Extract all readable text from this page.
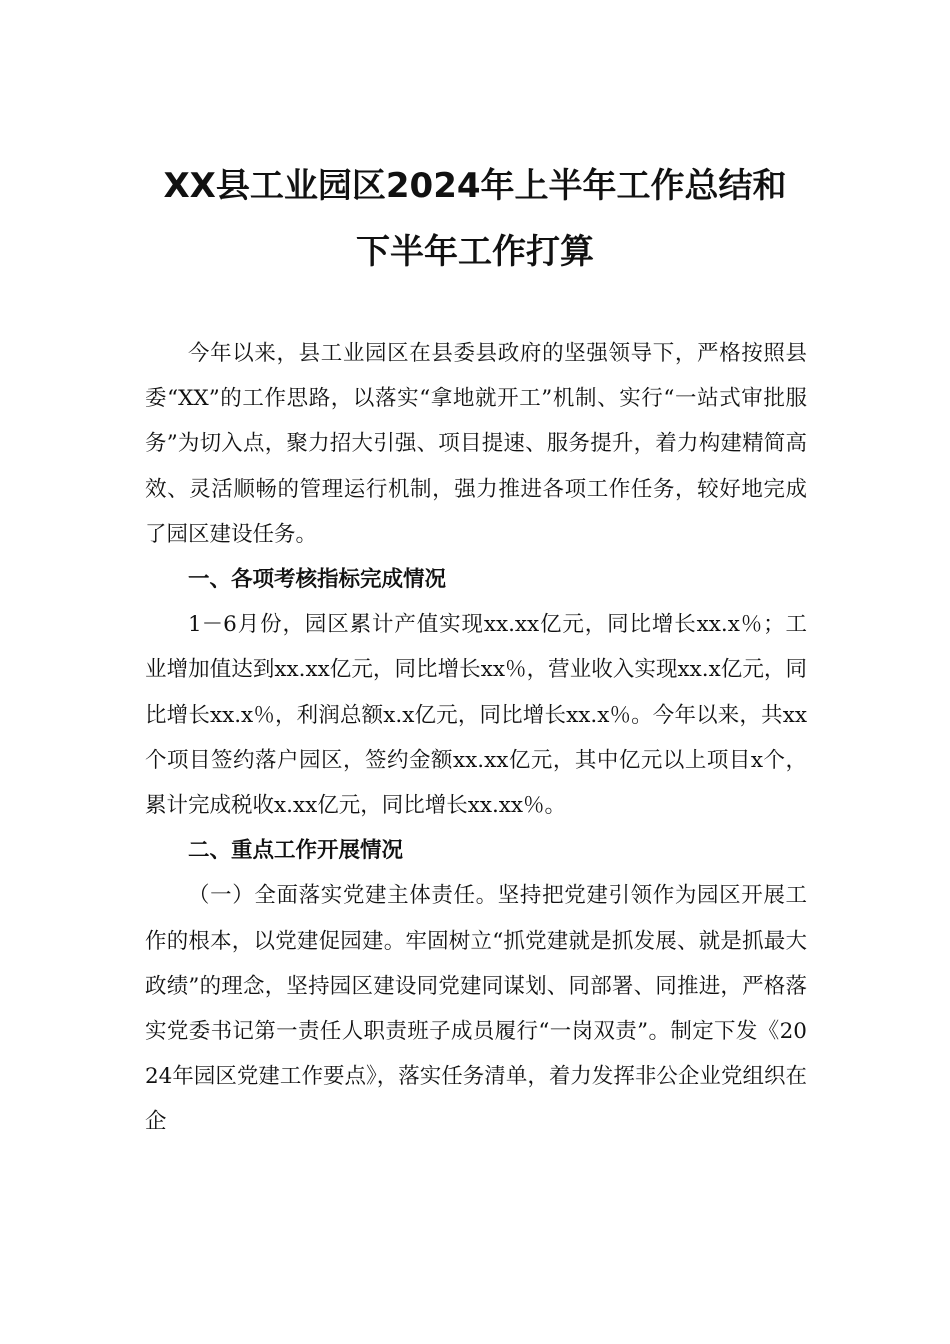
XX县工业园区2024年上半年工作总结和
下半年工作打算

今年以来，县工业园区在县委县政府的坚强领导下，严格按照县委“XX”的工作思路，以落实“拿地就开工”机制、实行“一站式审批服务”为切入点，聚力招大引强、项目提速、服务提升，着力构建精简高效、灵活顺畅的管理运行机制，强力推进各项工作任务，较好地完成了园区建设任务。

一、各项考核指标完成情况

1－6月份，园区累计产值实现xx.xx亿元，同比增长xx.x％；工业增加值达到xx.xx亿元，同比增长xx％，营业收入实现xx.x亿元，同比增长xx.x％，利润总额x.x亿元，同比增长xx.x％。今年以来，共xx个项目签约落户园区，签约金额xx.xx亿元，其中亿元以上项目x个，累计完成税收x.xx亿元，同比增长xx.xx％。

二、重点工作开展情况

（一）全面落实党建主体责任。坚持把党建引领作为园区开展工作的根本，以党建促园建。牢固树立“抓党建就是抓发展、就是抓最大政绩”的理念，坚持园区建设同党建同谋划、同部署、同推进，严格落实党委书记第一责任人职责班子成员履行“一岗双责”。制定下发《2024年园区党建工作要点》，落实任务清单，着力发挥非公企业党组织在企
